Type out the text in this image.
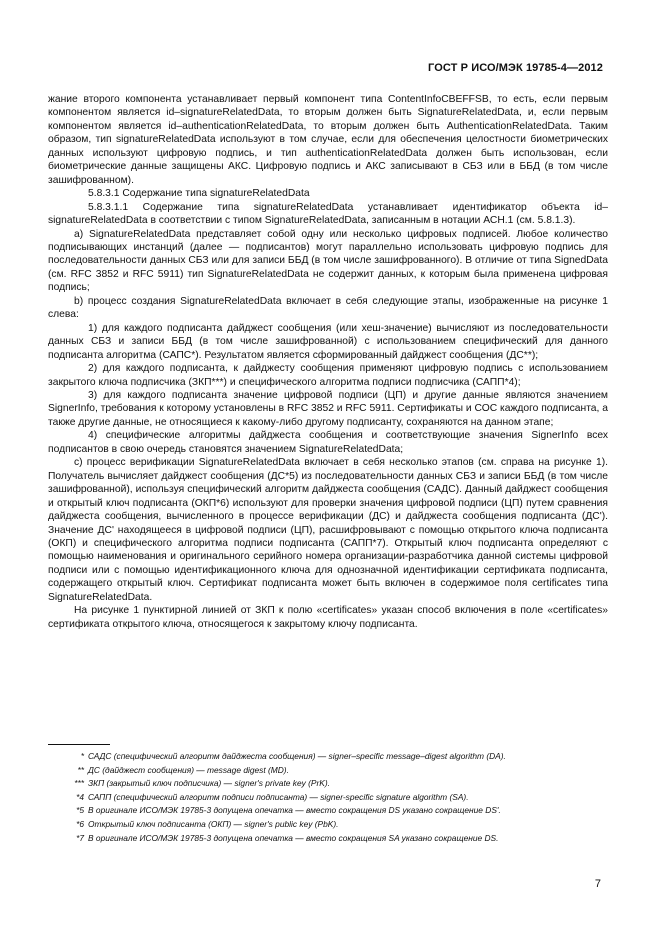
ГОСТ Р ИСО/МЭК 19785-4—2012

жание второго компонента устанавливает первый компонент типа ContentInfoCBEFFSB, то есть, если первым компонентом является id–signatureRelatedData, то вторым должен быть SignatureRelatedData, и, если первым компонентом является id–authenticationRelatedData, то вторым должен быть AuthenticationRelatedData. Таким образом, тип signatureRelatedData используют в том случае, если для обеспечения целостности биометрических данных используют цифровую подпись, и тип authenticationRelatedData должен быть использован, если биометрические данные защищены АКС. Цифровую подпись и АКС записывают в СБЗ или в ББД (в том числе зашифрованном).

5.8.3.1 Содержание типа signatureRelatedData

5.8.3.1.1 Содержание типа signatureRelatedData устанавливает идентификатор объекта id–signatureRelatedData в соответствии с типом SignatureRelatedData, записанным в нотации АСН.1 (см. 5.8.1.3).

a) SignatureRelatedData представляет собой одну или несколько цифровых подписей. Любое количество подписывающих инстанций (далее — подписантов) могут параллельно использовать цифровую подпись для последовательности данных СБЗ или для записи ББД (в том числе зашифрованного). В отличие от типа SignedData (см. RFC 3852 и RFC 5911) тип SignatureRelatedData не содержит данных, к которым была применена цифровая подпись;

b) процесс создания SignatureRelatedData включает в себя следующие этапы, изображенные на рисунке 1 слева:

1) для каждого подписанта дайджест сообщения (или хеш-значение) вычисляют из последовательности данных СБЗ и записи ББД (в том числе зашифрованной) с использованием специфический для данного подписанта алгоритма (САПС*). Результатом является сформированный дайджест сообщения (ДС**);

2) для каждого подписанта, к дайджесту сообщения применяют цифровую подпись с использованием закрытого ключа подписчика (ЗКП***) и специфического алгоритма подписи подписчика (САПП*4);

3) для каждого подписанта значение цифровой подписи (ЦП) и другие данные являются значением SignerInfo, требования к которому установлены в RFC 3852 и RFC 5911. Сертификаты и СОС каждого подписанта, а также другие данные, не относящиеся к какому-либо другому подписанту, сохраняются на данном этапе;

4) специфические алгоритмы дайджеста сообщения и соответствующие значения SignerInfo всех подписантов в свою очередь становятся значением SignatureRelatedData;

c) процесс верификации SignatureRelatedData включает в себя несколько этапов (см. справа на рисунке 1). Получатель вычисляет дайджест сообщения (ДС*5) из последовательности данных СБЗ и записи ББД (в том числе зашифрованной), используя специфический алгоритм дайджеста сообщения (САДС). Данный дайджест сообщения и открытый ключ подписанта (ОКП*6) используют для проверки значения цифровой подписи (ЦП) путем сравнения дайджеста сообщения, вычисленного в процессе верификации (ДС) и дайджеста сообщения подписанта (ДС'). Значение ДС' находящееся в цифровой подписи (ЦП), расшифровывают с помощью открытого ключа подписанта (ОКП) и специфического алгоритма подписи подписанта (САПП*7). Открытый ключ подписанта определяют с помощью наименования и оригинального серийного номера организации-разработчика данной системы цифровой подписи или с помощью идентификационного ключа для однозначной идентификации сертификата подписанта, содержащего открытый ключ. Сертификат подписанта может быть включен в содержимое поля certificates типа SignatureRelatedData.

На рисунке 1 пунктирной линией от ЗКП к полю «certificates» указан способ включения в поле «certificates» сертификата открытого ключа, относящегося к закрытому ключу подписанта.

* САДС (специфический алгоритм дайджеста сообщения) — signer–specific message–digest algorithm (DA).
** ДС (дайджест сообщения) — message digest (MD).
*** ЗКП (закрытый ключ подписчика) — signer's private key (PrK).
*4 САПП (специфический алгоритм подписи подписанта) — signer-specific signature algorithm (SA).
*5 В оригинале ИСО/МЭК 19785-3 допущена опечатка — вместо сокращения DS указано сокращение DS'.
*6 Открытый ключ подписанта (ОКП) — signer's public key (PbK).
*7 В оригинале ИСО/МЭК 19785-3 допущена опечатка — вместо сокращения SA указано сокращение DS.
7
